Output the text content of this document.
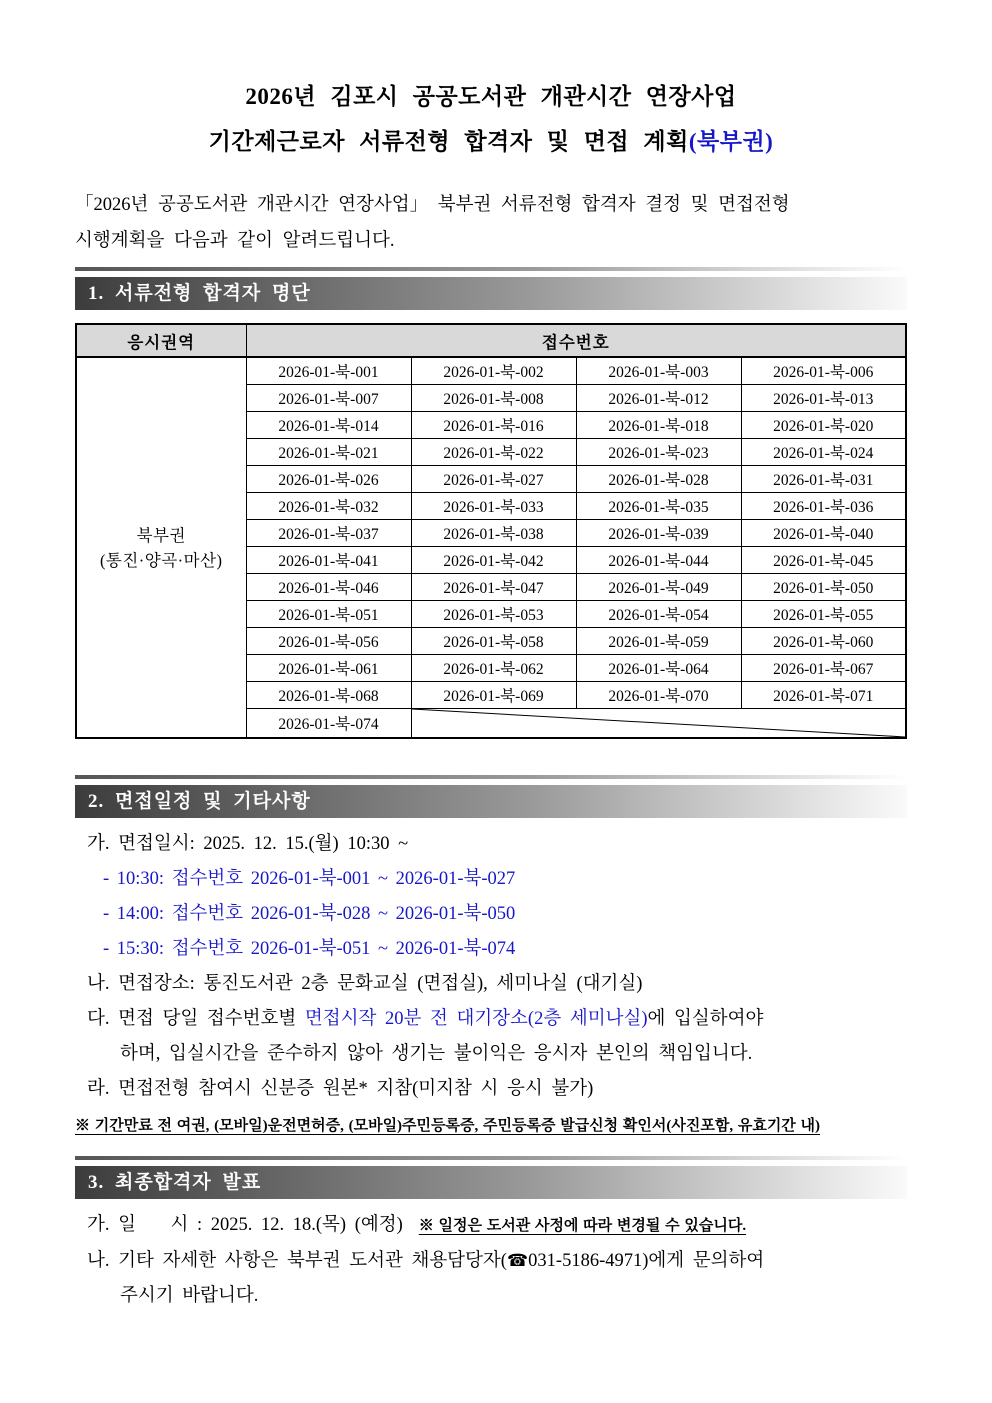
2026년 김포시 공공도서관 개관시간 연장사업
기간제근로자 서류전형 합격자 및 면접 계획(북부권)

「2026년 공공도서관 개관시간 연장사업」 북부권 서류전형 합격자 결정 및 면접전형
시행계획을 다음과 같이 알려드립니다.

1. 서류전형 합격자 명단
응시권역	접수번호			

북부권
(통진·양곡·마산)	2026-01-북-001	2026-01-북-002	2026-01-북-003	2026-01-북-006
	2026-01-북-007	2026-01-북-008	2026-01-북-012	2026-01-북-013
	2026-01-북-014	2026-01-북-016	2026-01-북-018	2026-01-북-020
	2026-01-북-021	2026-01-북-022	2026-01-북-023	2026-01-북-024
	2026-01-북-026	2026-01-북-027	2026-01-북-028	2026-01-북-031
	2026-01-북-032	2026-01-북-033	2026-01-북-035	2026-01-북-036
	2026-01-북-037	2026-01-북-038	2026-01-북-039	2026-01-북-040
	2026-01-북-041	2026-01-북-042	2026-01-북-044	2026-01-북-045
	2026-01-북-046	2026-01-북-047	2026-01-북-049	2026-01-북-050
	2026-01-북-051	2026-01-북-053	2026-01-북-054	2026-01-북-055
	2026-01-북-056	2026-01-북-058	2026-01-북-059	2026-01-북-060
	2026-01-북-061	2026-01-북-062	2026-01-북-064	2026-01-북-067
	2026-01-북-068	2026-01-북-069	2026-01-북-070	2026-01-북-071
	2026-01-북-074	
2. 면접일정 및 기타사항
가. 면접일시: 2025. 12. 15.(월) 10:30 ~
- 10:30: 접수번호 2026-01-북-001 ~ 2026-01-북-027
- 14:00: 접수번호 2026-01-북-028 ~ 2026-01-북-050
- 15:30: 접수번호 2026-01-북-051 ~ 2026-01-북-074
나. 면접장소: 통진도서관 2층 문화교실 (면접실), 세미나실 (대기실)
다. 면접 당일 접수번호별 면접시작 20분 전 대기장소(2층 세미나실)에 입실하여야
하며, 입실시간을 준수하지 않아 생기는 불이익은 응시자 본인의 책임입니다.
라. 면접전형 참여시 신분증 원본* 지참(미지참 시 응시 불가)
※ 기간만료 전 여권, (모바일)운전면허증, (모바일)주민등록증, 주민등록증 발급신청 확인서(사진포함, 유효기간 내)
3. 최종합격자 발표
가. 일    시 : 2025. 12. 18.(목) (예정) ※ 일정은 도서관 사정에 따라 변경될 수 있습니다.
나. 기타 자세한 사항은 북부권 도서관 채용담당자(☎031-5186-4971)에게 문의하여
주시기 바랍니다.
